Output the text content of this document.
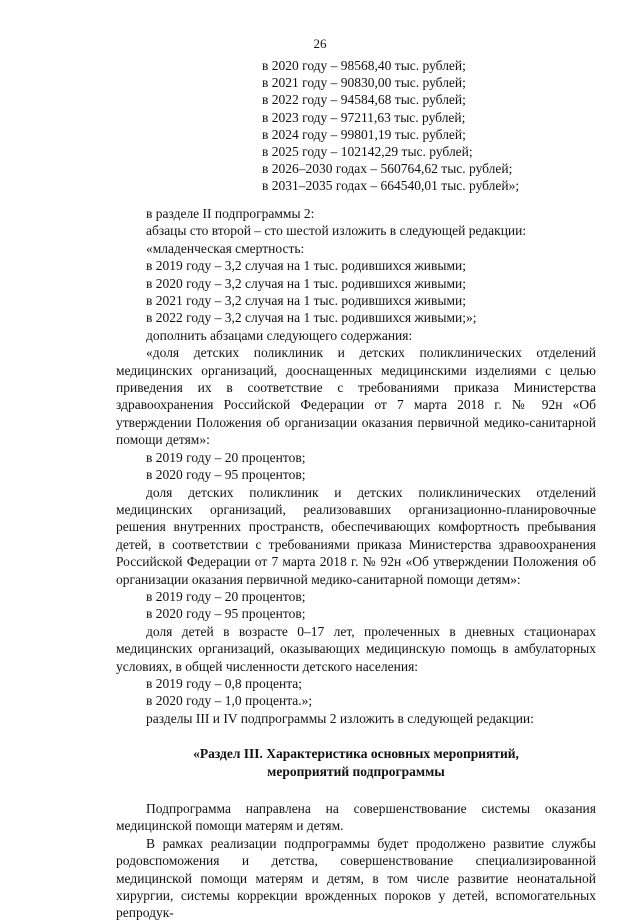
26
в 2020 году – 98568,40 тыс. рублей;
в 2021 году – 90830,00 тыс. рублей;
в 2022 году – 94584,68 тыс. рублей;
в 2023 году – 97211,63 тыс. рублей;
в 2024 году – 99801,19 тыс. рублей;
в 2025 году – 102142,29 тыс. рублей;
в 2026–2030 годах – 560764,62 тыс. рублей;
в 2031–2035 годах – 664540,01 тыс. рублей»;
в разделе II подпрограммы 2:
абзацы сто второй – сто шестой изложить в следующей редакции:
«младенческая смертность:
в 2019 году – 3,2 случая на 1 тыс. родившихся живыми;
в 2020 году – 3,2 случая на 1 тыс. родившихся живыми;
в 2021 году – 3,2 случая на 1 тыс. родившихся живыми;
в 2022 году – 3,2 случая на 1 тыс. родившихся живыми;»;
дополнить абзацами следующего содержания:

«доля детских поликлиник и детских поликлинических отделений медицинских организаций, дооснащенных медицинскими изделиями с целью приведения их в соответствие с требованиями приказа Министерства здравоохранения Российской Федерации от 7 марта 2018 г. № 92н «Об утверждении Положения об организации оказания первичной медико-санитарной помощи детям»:

в 2019 году – 20 процентов;
в 2020 году – 95 процентов;

доля детских поликлиник и детских поликлинических отделений медицинских организаций, реализовавших организационно-планировочные решения внутренних пространств, обеспечивающих комфортность пребывания детей, в соответствии с требованиями приказа Министерства здравоохранения Российской Федерации от 7 марта 2018 г. № 92н «Об утверждении Положения об организации оказания первичной медико-санитарной помощи детям»:

в 2019 году – 20 процентов;
в 2020 году – 95 процентов;

доля детей в возрасте 0–17 лет, пролеченных в дневных стационарах медицинских организаций, оказывающих медицинскую помощь в амбулаторных условиях, в общей численности детского населения:

в 2019 году – 0,8 процента;
в 2020 году – 1,0 процента.»;
разделы III и IV подпрограммы 2 изложить в следующей редакции:
«Раздел III. Характеристика основных мероприятий,
мероприятий подпрограммы

Подпрограмма направлена на совершенствование системы оказания медицинской помощи матерям и детям.

В рамках реализации подпрограммы будет продолжено развитие службы родовспоможения и детства, совершенствование специализированной медицинской помощи матерям и детям, в том числе развитие неонатальной хирургии, системы коррекции врожденных пороков у детей, вспомогательных репродук-
